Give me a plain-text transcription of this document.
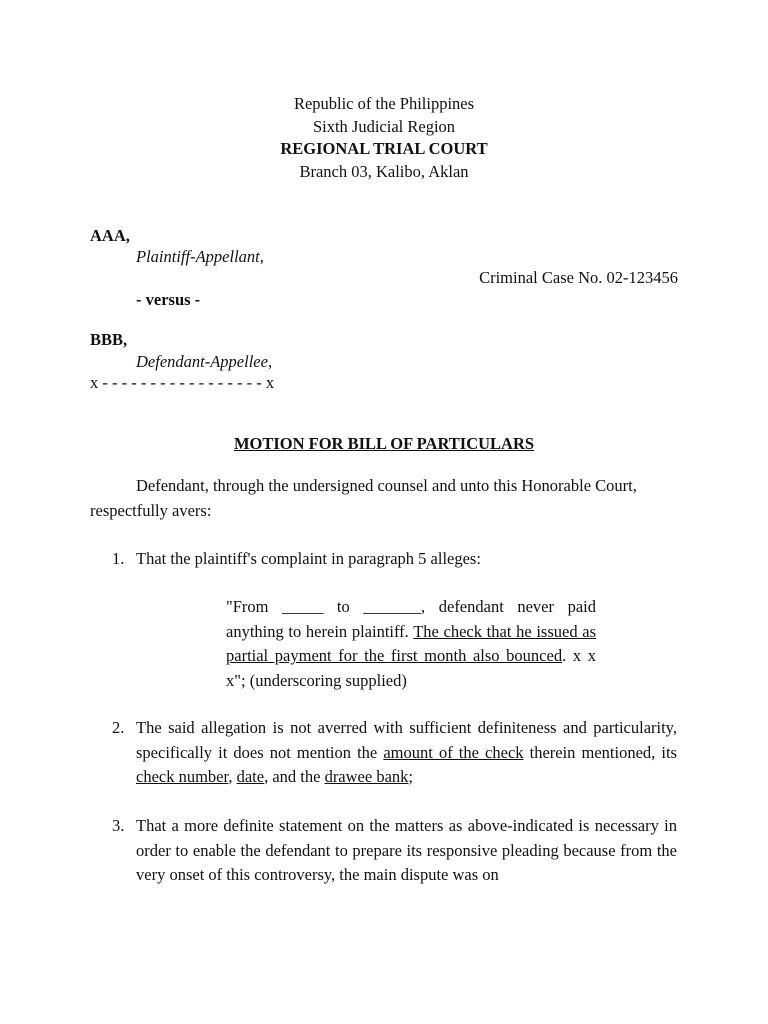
Republic of the Philippines
Sixth Judicial Region
REGIONAL TRIAL COURT
Branch 03, Kalibo, Aklan
AAA,
Plaintiff-Appellant,
Criminal Case No. 02-123456
- versus -
BBB,
Defendant-Appellee,
x - - - - - - - - - - - - - - - - - x
MOTION FOR BILL OF PARTICULARS
Defendant, through the undersigned counsel and unto this Honorable Court,
respectfully avers:
1. That the plaintiff's complaint in paragraph 5 alleges:
"From _____ to _______, defendant never paid anything to herein plaintiff. The check that he issued as partial payment for the first month also bounced. x x x"; (underscoring supplied)
2. The said allegation is not averred with sufficient definiteness and particularity, specifically it does not mention the amount of the check therein mentioned, its check number, date, and the drawee bank;
3. That a more definite statement on the matters as above-indicated is necessary in order to enable the defendant to prepare its responsive pleading because from the very onset of this controversy, the main dispute was on
